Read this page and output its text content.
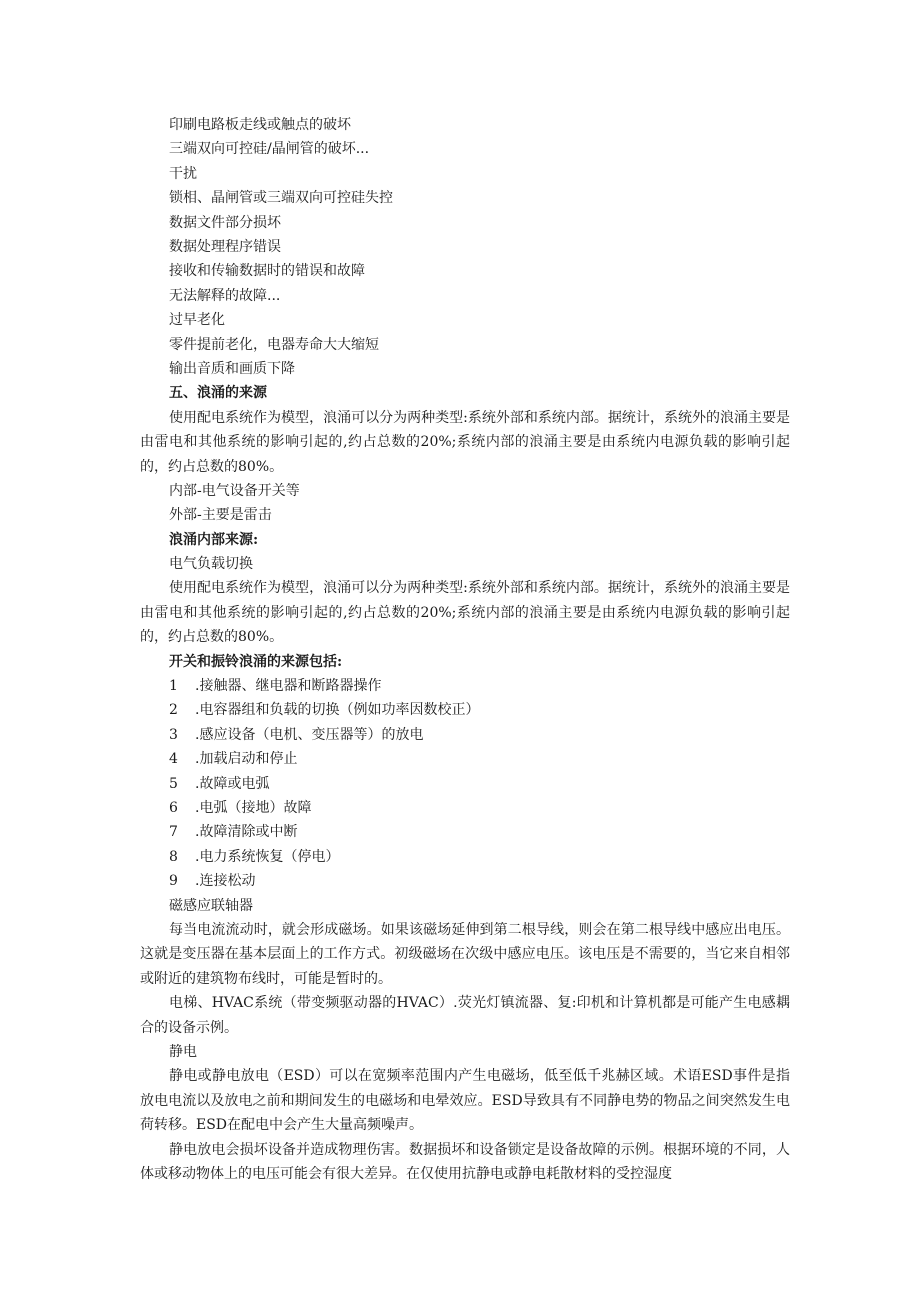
印刷电路板走线或触点的破坏
三端双向可控硅/晶闸管的破坏...
干扰
锁相、晶闸管或三端双向可控硅失控
数据文件部分损坏
数据处理程序错误
接收和传输数据时的错误和故障
无法解释的故障...
过早老化
零件提前老化，电器寿命大大缩短
输出音质和画质下降
五、浪涌的来源
使用配电系统作为模型，浪涌可以分为两种类型:系统外部和系统内部。据统计，系统外的浪涌主要是由雷电和其他系统的影响引起的,约占总数的20%;系统内部的浪涌主要是由系统内电源负载的影响引起的，约占总数的80%。
内部-电气设备开关等
外部-主要是雷击
浪涌内部来源:
电气负载切换
使用配电系统作为模型，浪涌可以分为两种类型:系统外部和系统内部。据统计，系统外的浪涌主要是由雷电和其他系统的影响引起的,约占总数的20%;系统内部的浪涌主要是由系统内电源负载的影响引起的，约占总数的80%。
开关和振铃浪涌的来源包括:
1 .接触器、继电器和断路器操作
2 .电容器组和负载的切换（例如功率因数校正）
3 .感应设备（电机、变压器等）的放电
4 .加载启动和停止
5 .故障或电弧
6 .电弧（接地）故障
7 .故障清除或中断
8 .电力系统恢复（停电）
9 .连接松动
磁感应联轴器
每当电流流动时，就会形成磁场。如果该磁场延伸到第二根导线，则会在第二根导线中感应出电压。这就是变压器在基本层面上的工作方式。初级磁场在次级中感应电压。该电压是不需要的，当它来自相邻或附近的建筑物布线时，可能是暂时的。
电梯、HVAC系统（带变频驱动器的HVAC）.荧光灯镇流器、复:印机和计算机都是可能产生电感耦合的设备示例。
静电
静电或静电放电（ESD）可以在宽频率范围内产生电磁场，低至低千兆赫区域。术语ESD事件是指放电电流以及放电之前和期间发生的电磁场和电晕效应。ESD导致具有不同静电势的物品之间突然发生电荷转移。ESD在配电中会产生大量高频噪声。
静电放电会损坏设备并造成物理伤害。数据损坏和设备锁定是设备故障的示例。根据环境的不同，人体或移动物体上的电压可能会有很大差异。在仅使用抗静电或静电耗散材料的受控湿度
